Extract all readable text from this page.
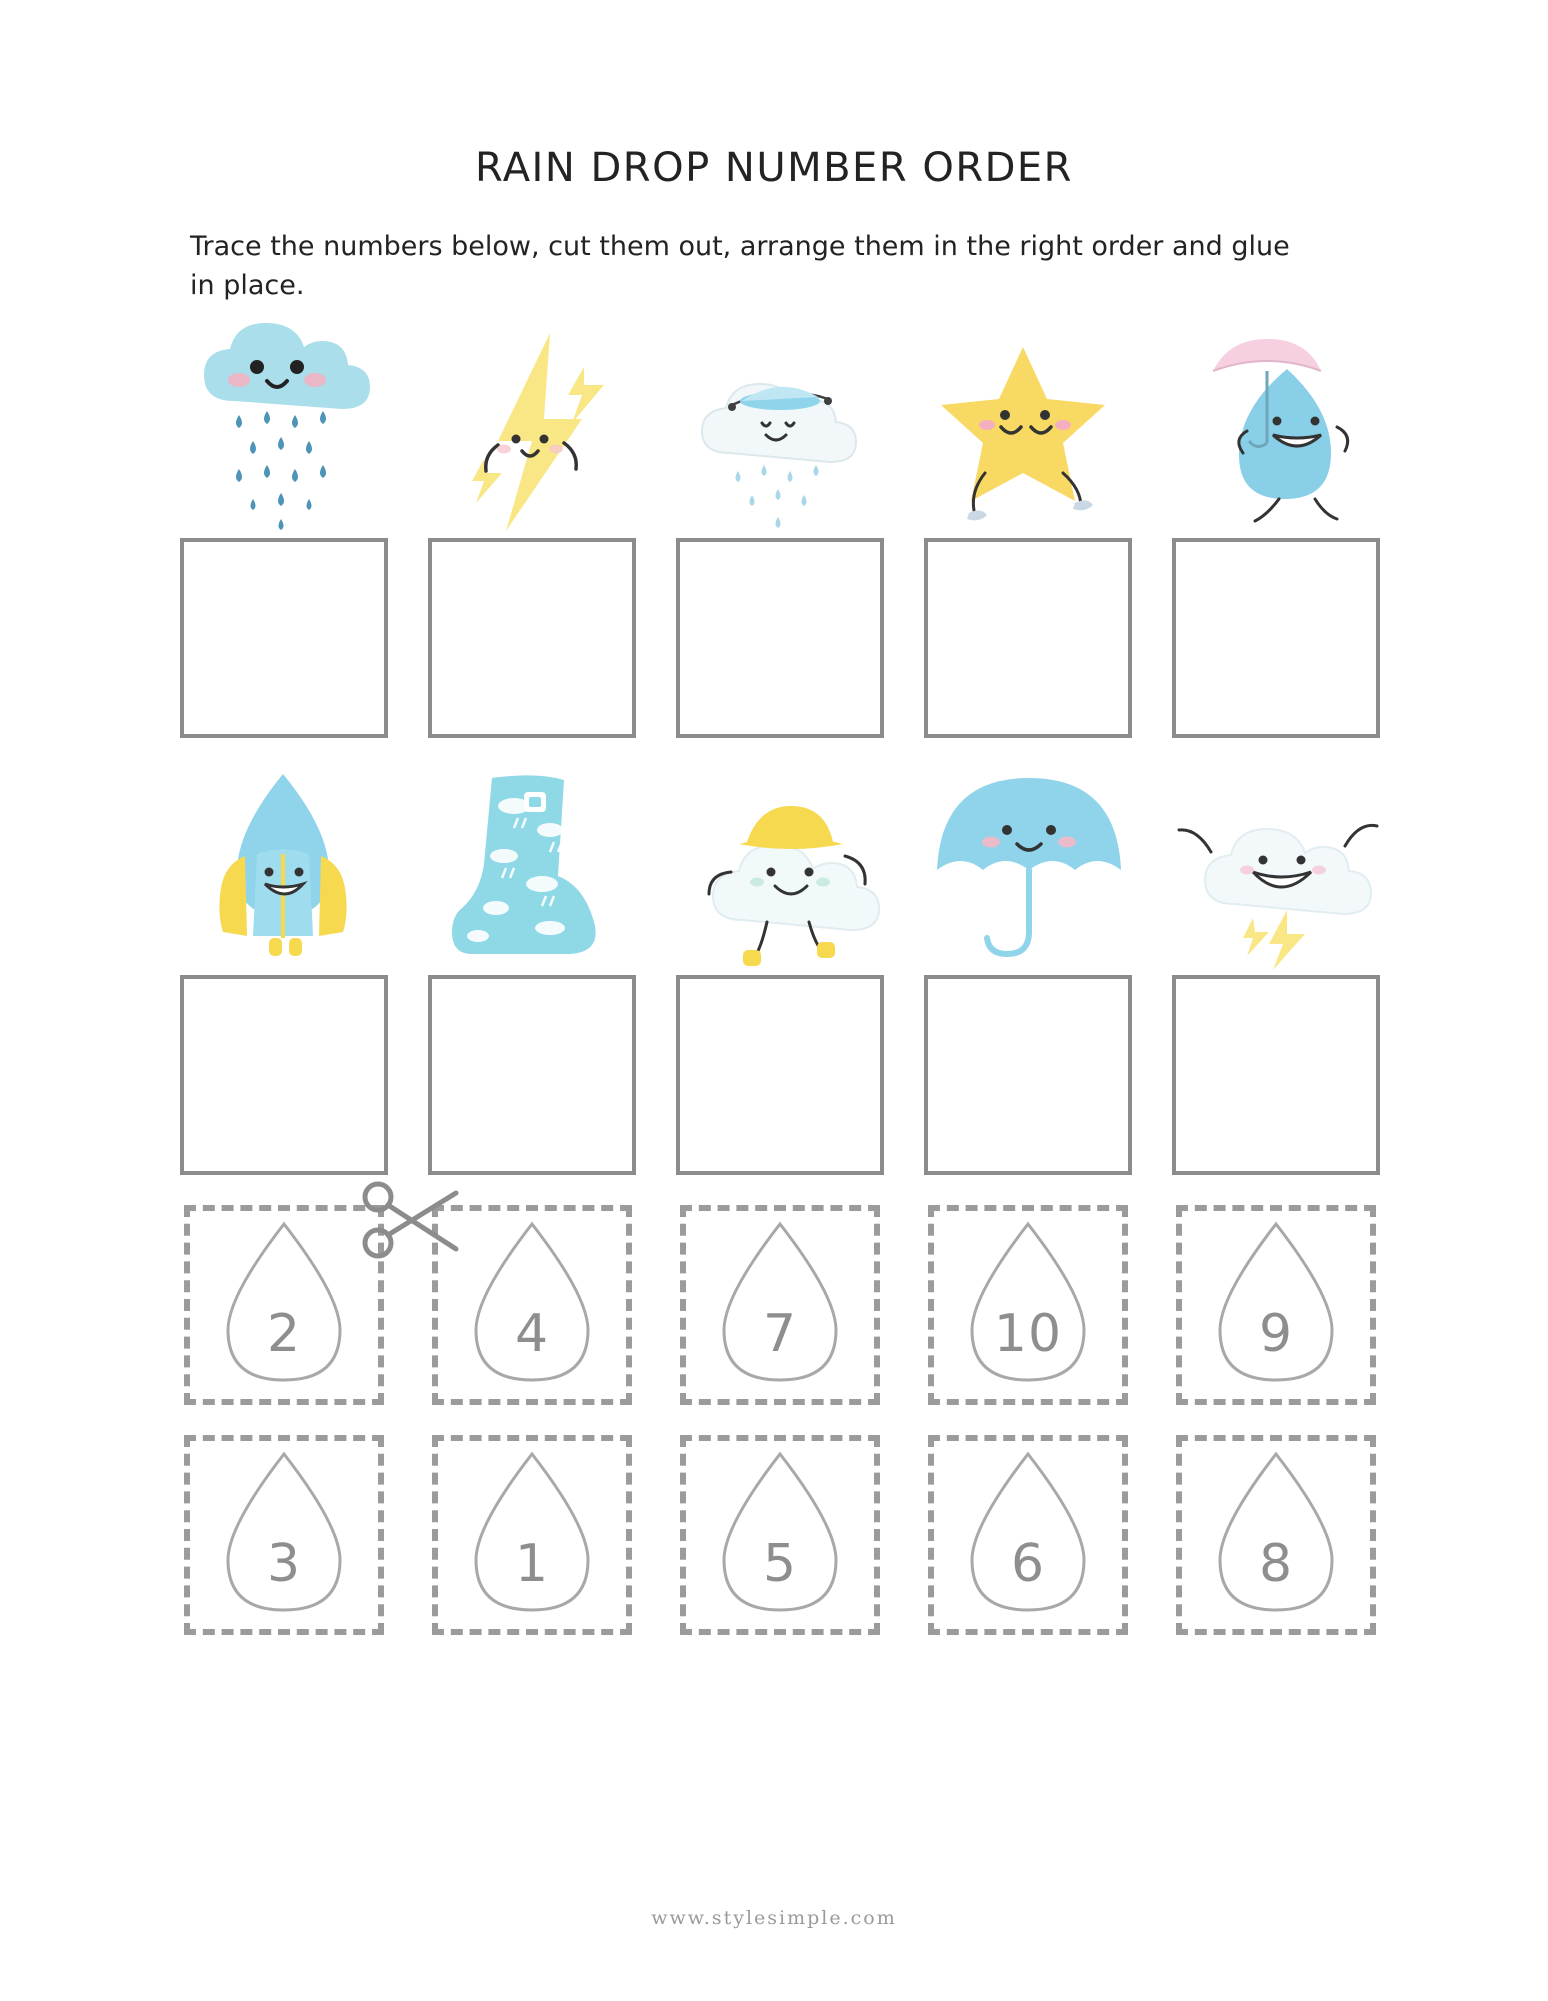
RAIN DROP NUMBER ORDER

Trace the numbers below, cut them out, arrange them in the right order and glue in place.

2	4	7	10	9
3	1	5	6	8
www.stylesimple.com
